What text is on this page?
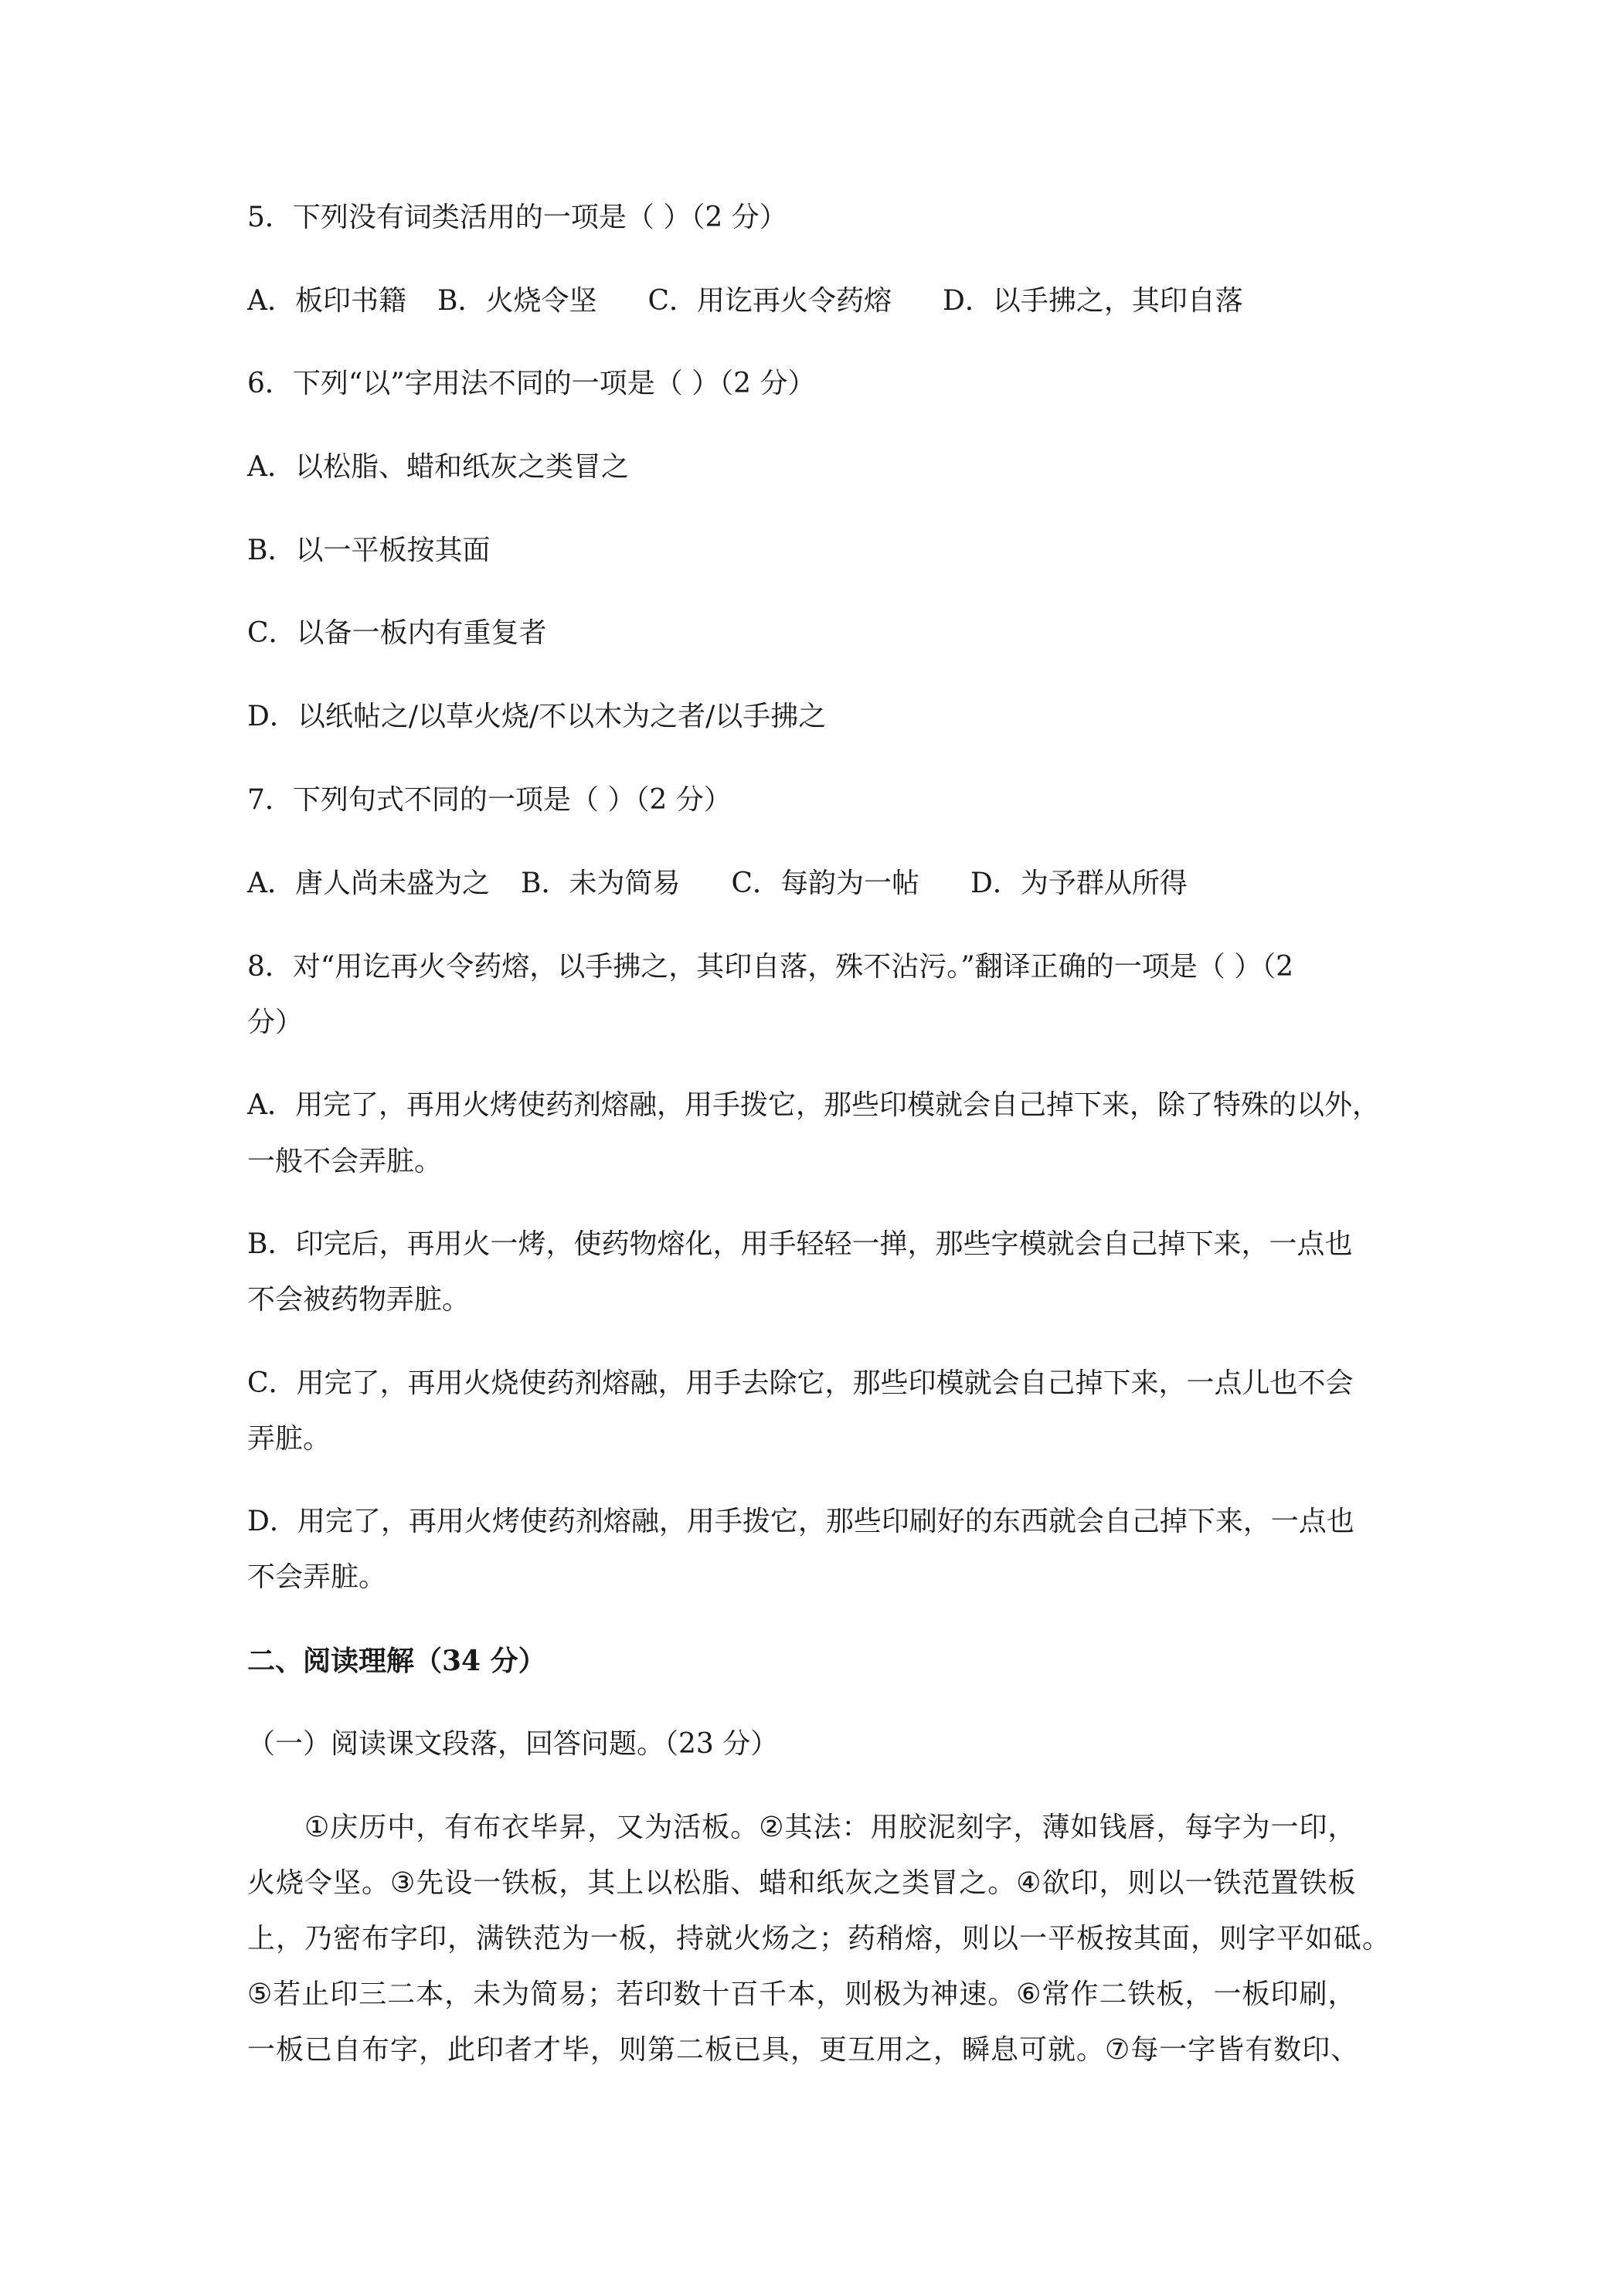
5．下列没有词类活用的一项是（ ）（2 分）
A．板印书籍 B．火烧令坚 C．用讫再火令药熔 D．以手拂之，其印自落
6．下列“以”字用法不同的一项是（ ）（2 分）
A．以松脂、蜡和纸灰之类冒之
B．以一平板按其面
C．以备一板内有重复者
D．以纸帖之/以草火烧/不以木为之者/以手拂之
7．下列句式不同的一项是（ ）（2 分）
A．唐人尚未盛为之 B．未为简易 C．每韵为一帖 D．为予群从所得
8．对“用讫再火令药熔，以手拂之，其印自落，殊不沾污。”翻译正确的一项是（ ）（2
分）
A．用完了，再用火烤使药剂熔融，用手拨它，那些印模就会自己掉下来，除了特殊的以外，
一般不会弄脏。
B．印完后，再用火一烤，使药物熔化，用手轻轻一掸，那些字模就会自己掉下来，一点也
不会被药物弄脏。
C．用完了，再用火烧使药剂熔融，用手去除它，那些印模就会自己掉下来，一点儿也不会
弄脏。
D．用完了，再用火烤使药剂熔融，用手拨它，那些印刷好的东西就会自己掉下来，一点也
不会弄脏。
二、阅读理解（34 分）
（一）阅读课文段落，回答问题。（23 分）
　　①庆历中，有布衣毕昇，又为活板。②其法：用胶泥刻字，薄如钱唇，每字为一印，
火烧令坚。③先设一铁板，其上以松脂、蜡和纸灰之类冒之。④欲印，则以一铁范置铁板
上，乃密布字印，满铁范为一板，持就火炀之；药稍熔，则以一平板按其面，则字平如砥。
⑤若止印三二本，未为简易；若印数十百千本，则极为神速。⑥常作二铁板，一板印刷，
一板已自布字，此印者才毕，则第二板已具，更互用之，瞬息可就。⑦每一字皆有数印、
